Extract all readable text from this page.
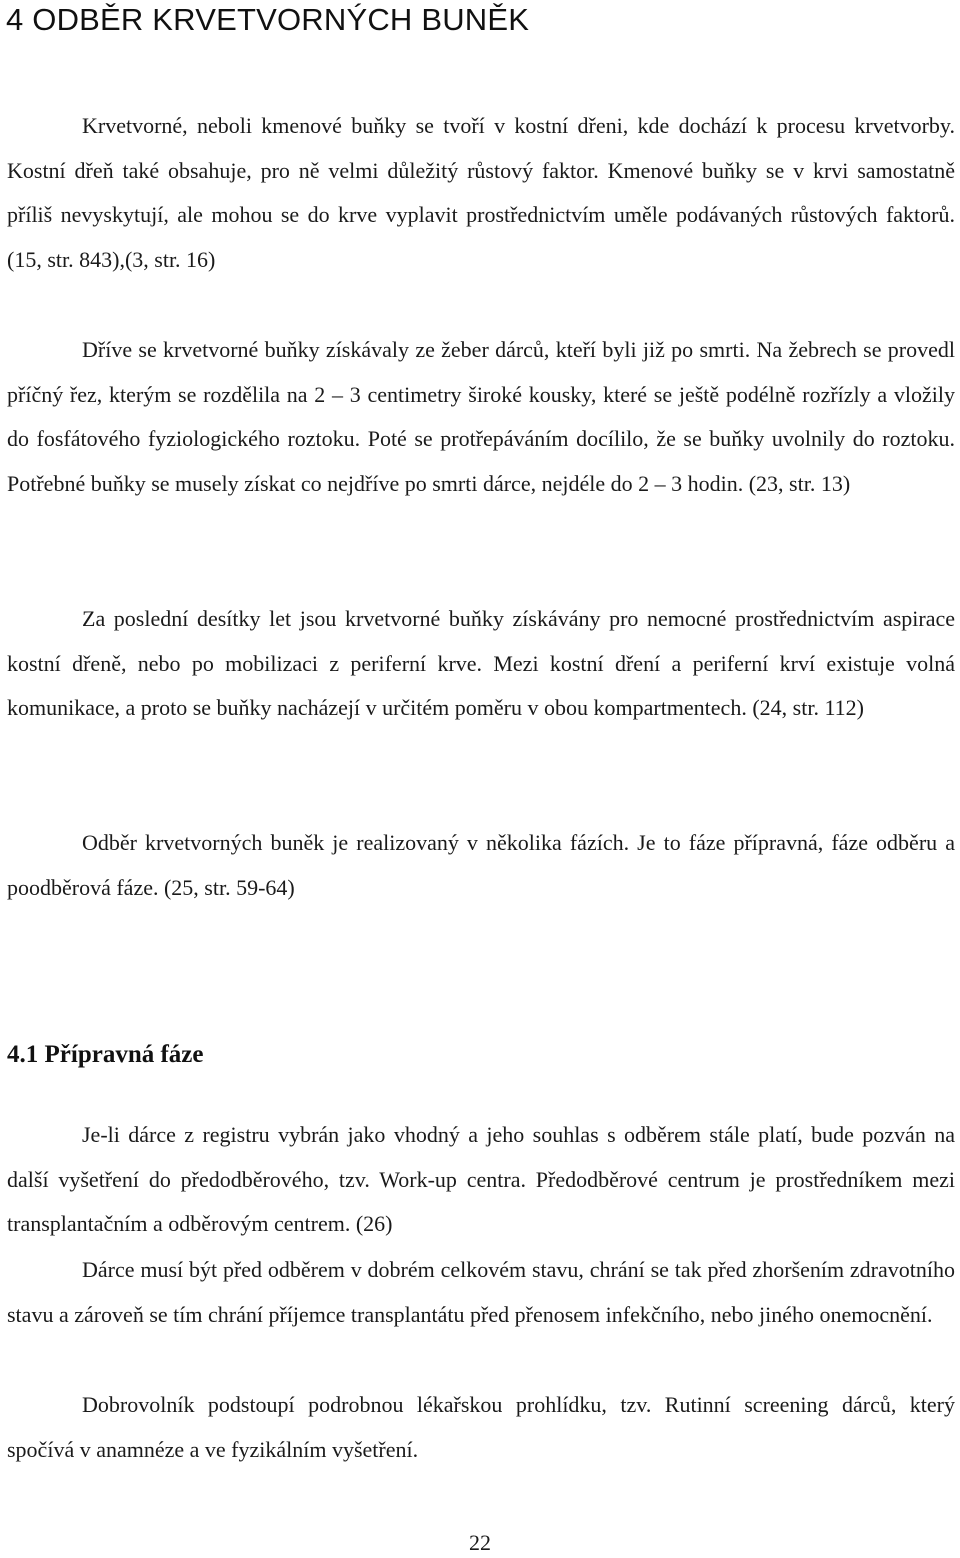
4 ODBĚR KRVETVORNÝCH BUNĚK

Krvetvorné, neboli kmenové buňky se tvoří v kostní dřeni, kde dochází k procesu krvetvorby. Kostní dřeň také obsahuje, pro ně velmi důležitý růstový faktor. Kmenové buňky se v krvi samostatně příliš nevyskytují, ale mohou se do krve vyplavit prostřednictvím uměle podávaných růstových faktorů. (15, str. 843),(3, str. 16)

Dříve se krvetvorné buňky získávaly ze žeber dárců, kteří byli již po smrti. Na žebrech se provedl příčný řez, kterým se rozdělila na 2 – 3 centimetry široké kousky, které se ještě podélně rozřízly a vložily do fosfátového fyziologického roztoku. Poté se protřepáváním docílilo, že se buňky uvolnily do roztoku. Potřebné buňky se musely získat co nejdříve po smrti dárce, nejdéle do 2 – 3 hodin. (23, str. 13)

Za poslední desítky let jsou krvetvorné buňky získávány pro nemocné prostřednictvím aspirace kostní dřeně, nebo po mobilizaci z periferní krve. Mezi kostní dření a periferní krví existuje volná komunikace, a proto se buňky nacházejí v určitém poměru v obou kompartmentech. (24, str. 112)

Odběr krvetvorných buněk je realizovaný v několika fázích. Je to fáze přípravná, fáze odběru a poodběrová fáze. (25, str. 59-64)

4.1 Přípravná fáze

Je-li dárce z registru vybrán jako vhodný a jeho souhlas s odběrem stále platí, bude pozván na další vyšetření do předodběrového, tzv. Work-up centra. Předodběrové centrum je prostředníkem mezi transplantačním a odběrovým centrem. (26)

Dárce musí být před odběrem v dobrém celkovém stavu, chrání se tak před zhoršením zdravotního stavu a zároveň se tím chrání příjemce transplantátu před přenosem infekčního, nebo jiného onemocnění.

Dobrovolník podstoupí podrobnou lékařskou prohlídku, tzv. Rutinní screening dárců, který spočívá v anamnéze a ve fyzikálním vyšetření.

22
